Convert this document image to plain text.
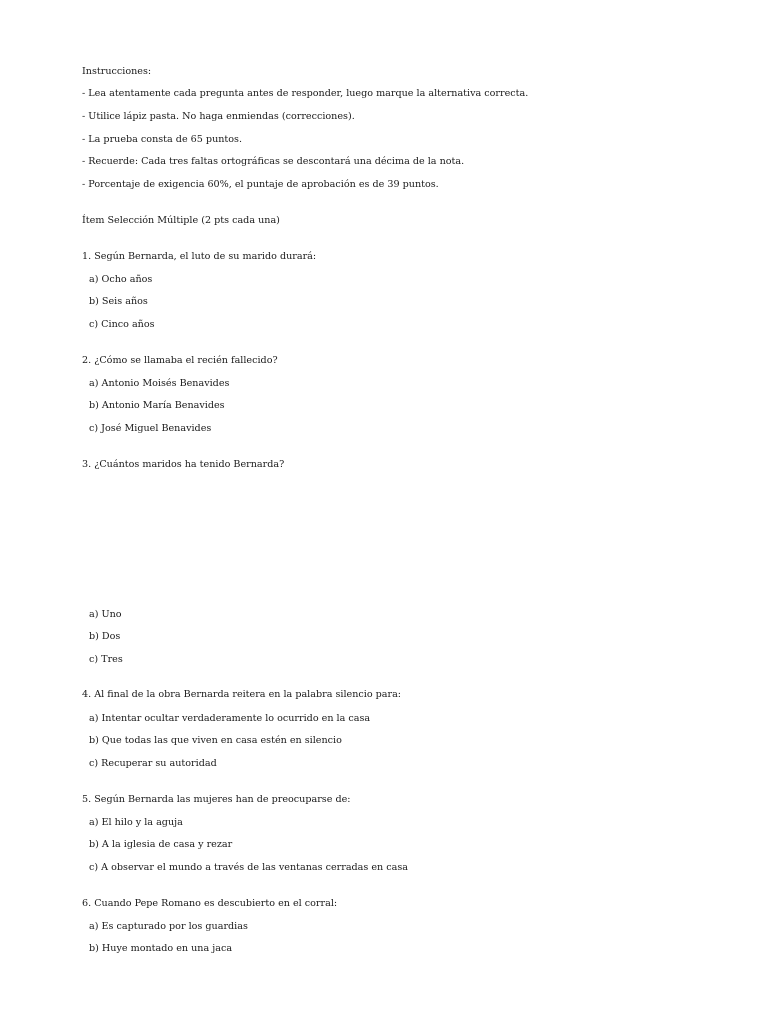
Instrucciones:
- Lea atentamente cada pregunta antes de responder, luego marque la alternativa correcta.
- Utilice lápiz pasta. No haga enmiendas (correcciones).
- La prueba consta de 65 puntos.
- Recuerde: Cada tres faltas ortográficas se descontará una décima de la nota.
- Porcentaje de exigencia 60%, el puntaje de aprobación es de 39 puntos.
Ítem Selección Múltiple (2 pts cada una)
1. Según Bernarda, el luto de su marido durará:
a) Ocho años
b) Seis años
c) Cinco años
2. ¿Cómo se llamaba el recién fallecido?
a) Antonio Moisés Benavides
b) Antonio María Benavides
c) José Miguel Benavides
3. ¿Cuántos maridos ha tenido Bernarda?
a) Uno
b) Dos
c) Tres
4. Al final de la obra Bernarda reitera en la palabra silencio para:
a) Intentar ocultar verdaderamente lo ocurrido en la casa
b) Que todas las que viven en casa estén en silencio
c) Recuperar su autoridad
5. Según Bernarda las mujeres han de preocuparse de:
a) El hilo y la aguja
b) A la iglesia de casa y rezar
c) A observar el mundo a través de las ventanas cerradas en casa
6. Cuando Pepe Romano es descubierto en el corral:
a) Es capturado por los guardias
b) Huye montado en una jaca
